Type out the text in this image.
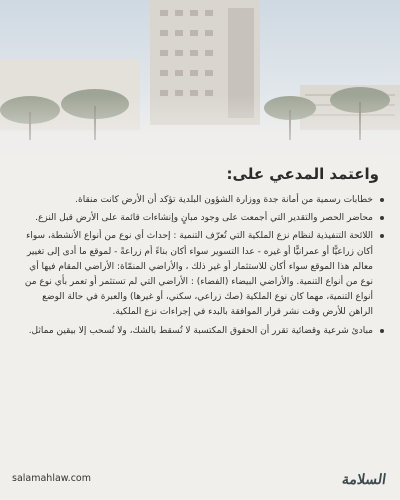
واعتمد المدعي على:
خطابات رسمية من أمانة جدة ووزارة الشؤون البلدية تؤكد أن الأرض كانت منقاة.
محاضر الحصر والتقدير التي أجمعت على وجود مبانٍ وإنشاءات قائمة على الأرض قبل النزع.
اللائحة التنفيذية لنظام نزع الملكية التي تُعرّف التنمية : إحداث أي نوع من أنواع الأنشطة، سواء أكان زراعيًّا أو عمرانيًّا أو غيره - عدا التسوير سواء أكان بناءً أم زراعةً - لموقع ما أدى إلى تغيير معالم هذا الموقع سواء أكان للاستثمار أو غير ذلك ، والأراضي المنمّاة: الأراضي المقام فيها أي نوع من أنواع التنمية. والأراضي البيضاء (الفضاء) : الأراضي التي لم تستثمر أو تعمر بأي نوع من أنواع التنمية، مهما كان نوع الملكية (صك زراعي، سكني، أو غيرها) والعبرة في حالة الوضع الراهن للأرض وقت نشر قرار الموافقة بالبدء في إجراءات نزع الملكية.
مبادئ شرعية وقضائية تقرر أن الحقوق المكتسبة لا تُسقط بالشك، ولا تُسحب إلا بيقين مماثل.
salamahlaw.com	السلامة
